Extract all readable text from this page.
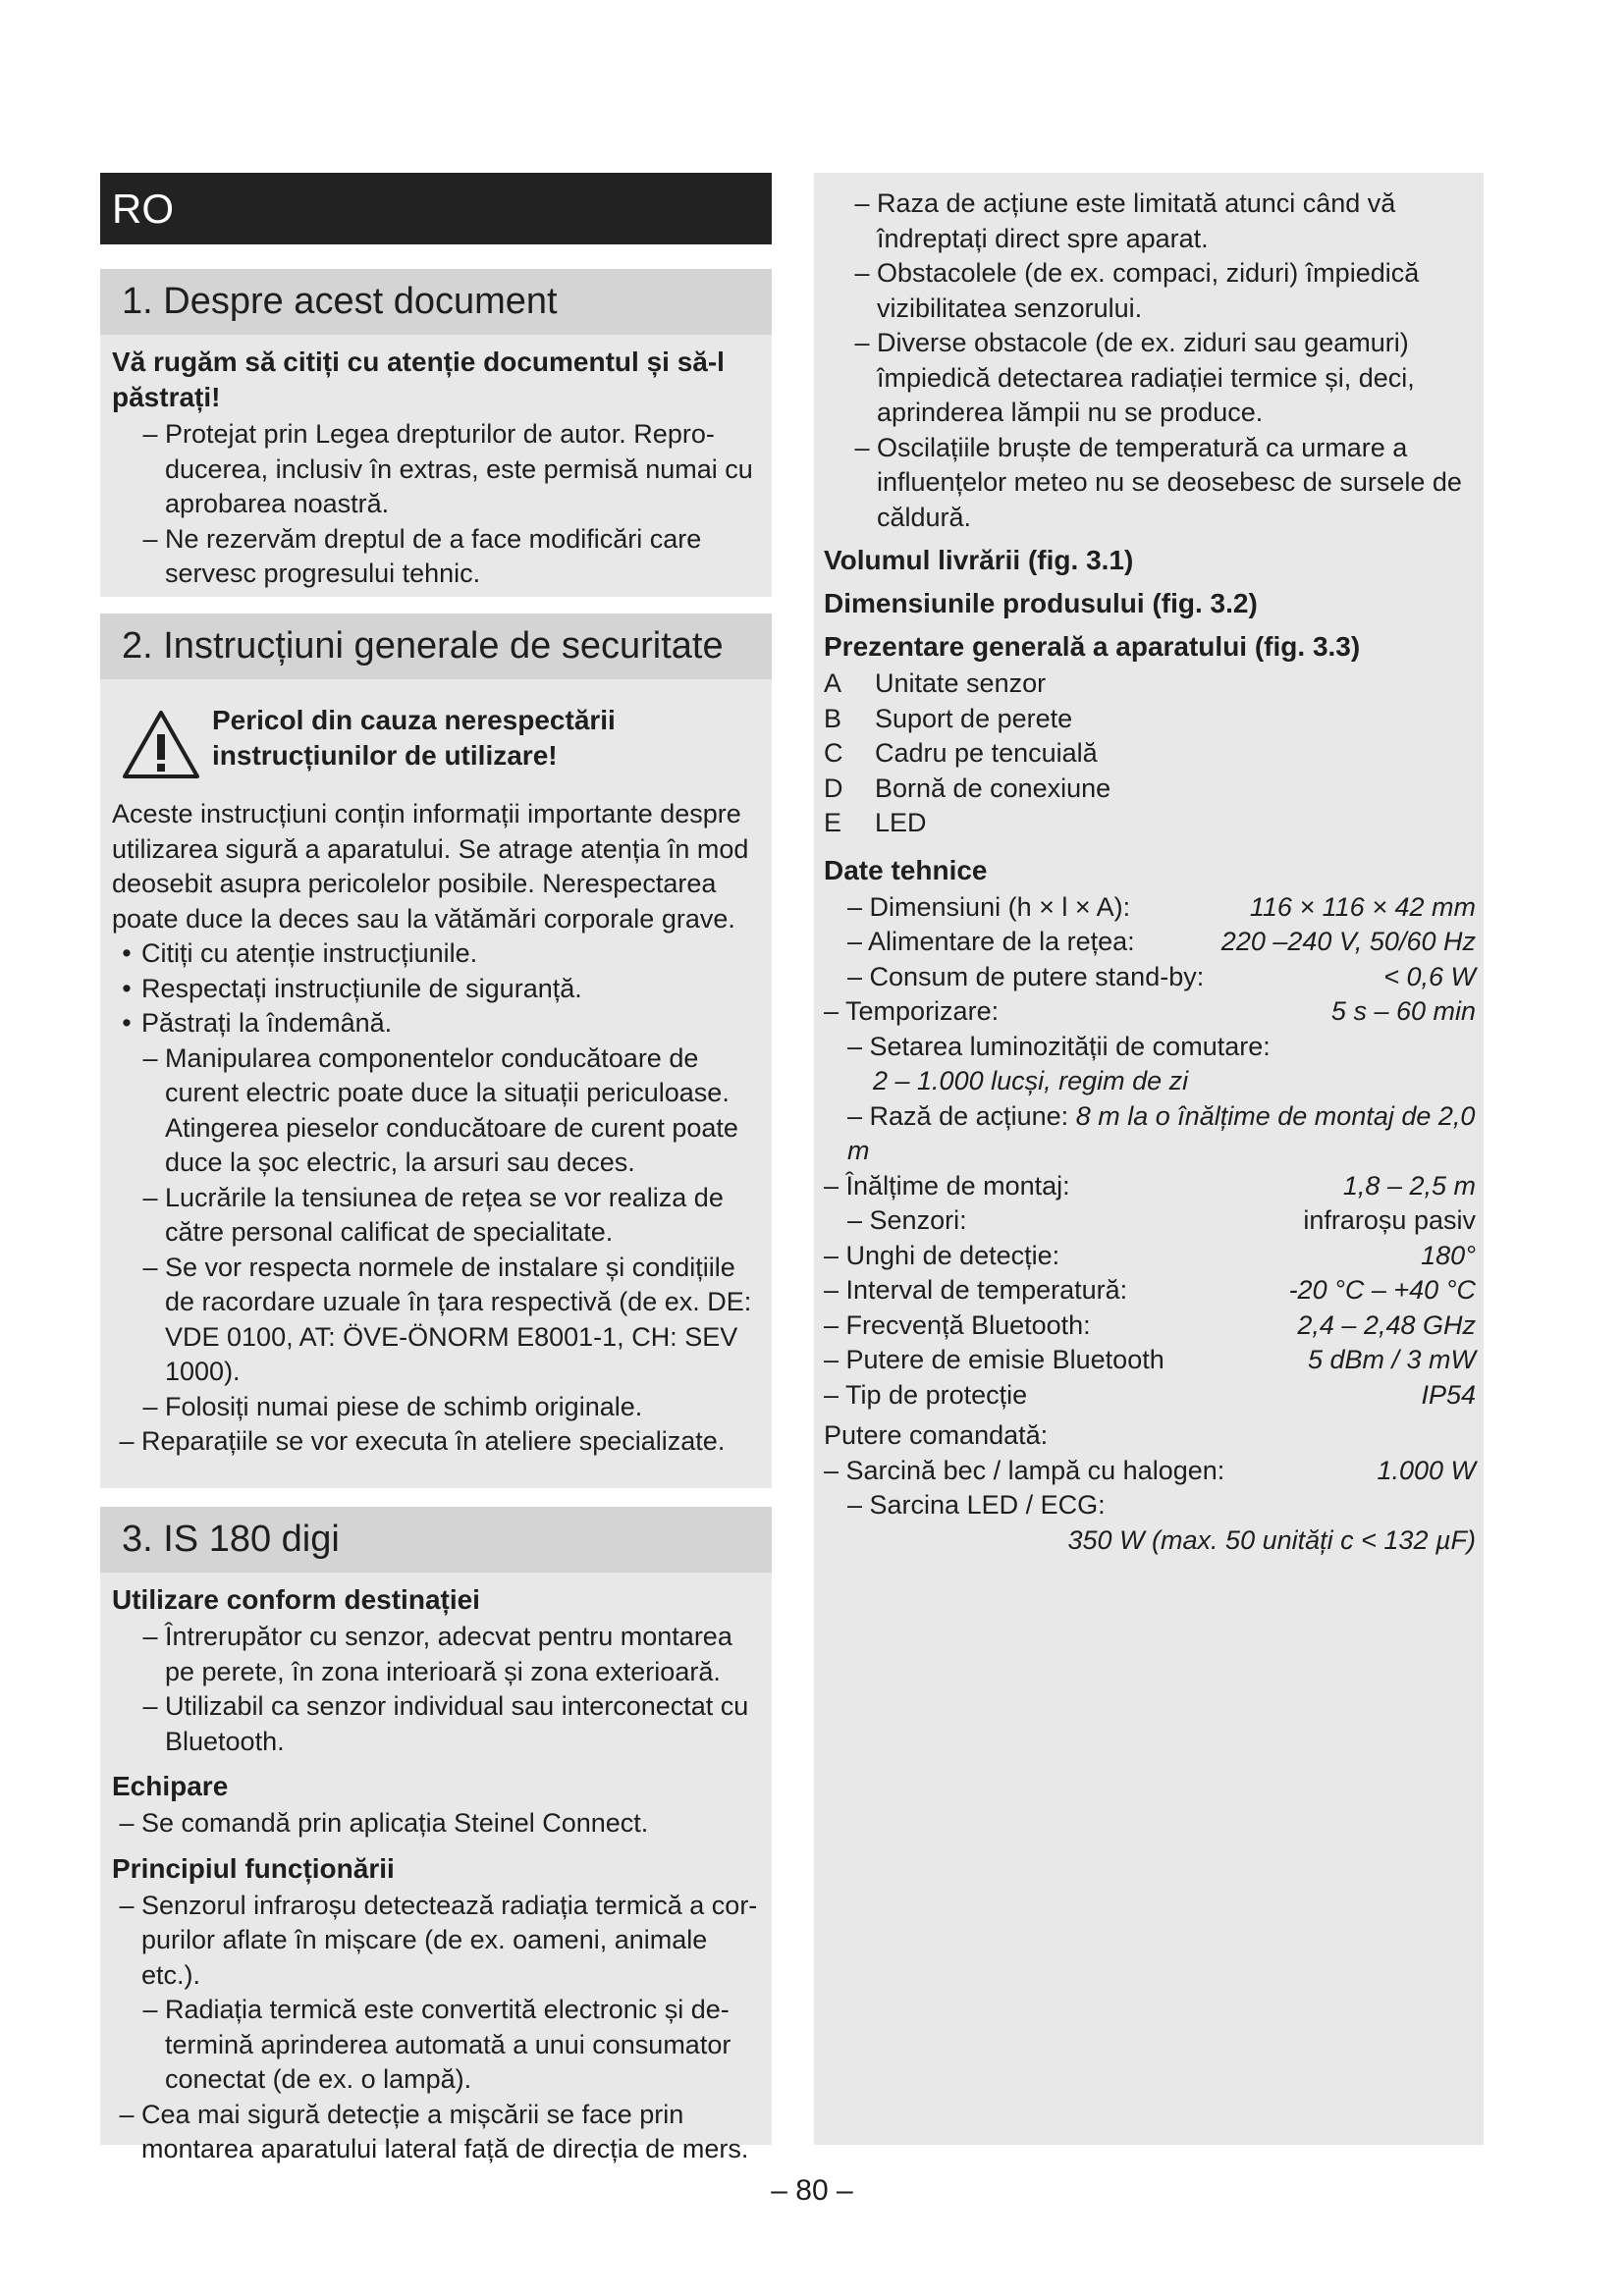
RO
1. Despre acest document
Vă rugăm să citiți cu atenție documentul și să-l păstrați!
– Protejat prin Legea drepturilor de autor. Repro-ducerea, inclusiv în extras, este permisă numai cu aprobarea noastră.
– Ne rezervăm dreptul de a face modificări care servesc progresului tehnic.
2. Instrucțiuni generale de securitate
Pericol din cauza nerespectării instrucțiunilor de utilizare!
Aceste instrucțiuni conțin informații importante despre utilizarea sigură a aparatului. Se atrage atenția în mod deosebit asupra pericolelor posibile. Nerespectarea poate duce la deces sau la vătămări corporale grave.
• Citiți cu atenție instrucțiunile.
• Respectați instrucțiunile de siguranță.
• Păstrați la îndemână.
– Manipularea componentelor conducătoare de curent electric poate duce la situații periculoase. Atingerea pieselor conducătoare de curent poate duce la șoc electric, la arsuri sau deces.
– Lucrările la tensiunea de rețea se vor realiza de către personal calificat de specialitate.
– Se vor respecta normele de instalare și condițiile de racordare uzuale în țara respectivă (de ex. DE: VDE 0100, AT: ÖVE-ÖNORM E8001-1, CH: SEV 1000).
– Folosiți numai piese de schimb originale.
– Reparațiile se vor executa în ateliere specializate.
3. IS 180 digi
Utilizare conform destinației
– Întrerupător cu senzor, adecvat pentru montarea pe perete, în zona interioară și zona exterioară.
– Utilizabil ca senzor individual sau interconectat cu Bluetooth.
Echipare
– Se comandă prin aplicația Steinel Connect.
Principiul funcționării
– Senzorul infraroșu detectează radiația termică a cor-purilor aflate în mișcare (de ex. oameni, animale etc.).
– Radiația termică este convertită electronic și de-termină aprinderea automată a unui consumator conectat (de ex. o lampă).
– Cea mai sigură detecție a mișcării se face prin montarea aparatului lateral față de direcția de mers.
– Raza de acțiune este limitată atunci când vă îndreptați direct spre aparat.
– Obstacolele (de ex. compaci, ziduri) împiedică vizibilitatea senzorului.
– Diverse obstacole (de ex. ziduri sau geamuri) împiedică detectarea radiației termice și, deci, aprinderea lămpii nu se produce.
– Oscilațiile bruște de temperatură ca urmare a influențelor meteo nu se deosebesc de sursele de căldură.
Volumul livrării (fig. 3.1)
Dimensiunile produsului (fig. 3.2)
Prezentare generală a aparatului (fig. 3.3)
A	Unitate senzor
B	Suport de perete
C	Cadru pe tencuială
D	Bornă de conexiune
E	LED
Date tehnice
– Dimensiuni (h × l × A):	116 × 116 × 42 mm
– Alimentare de la rețea:	220 –240 V, 50/60 Hz
– Consum de putere stand-by:	< 0,6 W
– Temporizare:	5 s – 60 min
– Setarea luminozității de comutare:
2 – 1.000 lucși, regim de zi
– Rază de acțiune: 8 m la o înălțime de montaj de 2,0 m
– Înălțime de montaj:	1,8 – 2,5 m
– Senzori:	infraroșu pasiv
– Unghi de detecție:	180°
– Interval de temperatură:	-20 °C – +40 °C
– Frecvență Bluetooth:	2,4 – 2,48 GHz
– Putere de emisie Bluetooth	5 dBm / 3 mW
– Tip de protecție	IP54
Putere comandată:
– Sarcină bec / lampă cu halogen:	1.000 W
– Sarcina LED / ECG:
350 W (max. 50 unități c < 132 µF)
– 80 –
